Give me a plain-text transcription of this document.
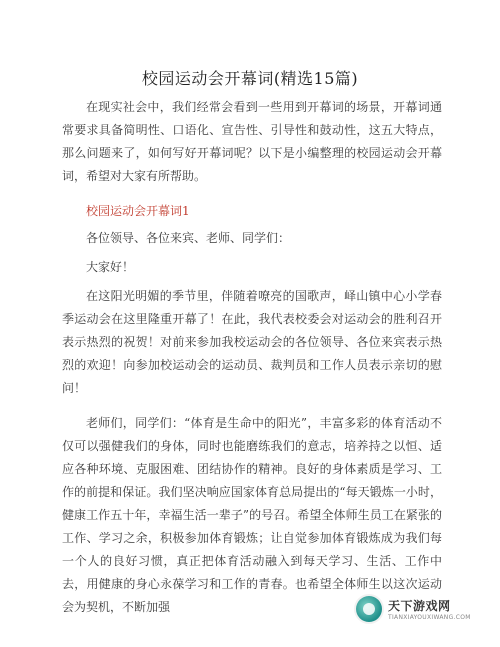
校园运动会开幕词(精选15篇)

在现实社会中，我们经常会看到一些用到开幕词的场景，开幕词通常要求具备简明性、口语化、宣告性、引导性和鼓动性，这五大特点，那么问题来了，如何写好开幕词呢？以下是小编整理的校园运动会开幕词，希望对大家有所帮助。

校园运动会开幕词1

各位领导、各位来宾、老师、同学们：

大家好！

在这阳光明媚的季节里，伴随着嘹亮的国歌声，峄山镇中心小学春季运动会在这里隆重开幕了！在此，我代表校委会对运动会的胜利召开表示热烈的祝贺！对前来参加我校运动会的各位领导、各位来宾表示热烈的欢迎！向参加校运动会的运动员、裁判员和工作人员表示亲切的慰问！

老师们，同学们：“体育是生命中的阳光”，丰富多彩的体育活动不仅可以强健我们的身体，同时也能磨练我们的意志，培养持之以恒、适应各种环境、克服困难、团结协作的精神。良好的身体素质是学习、工作的前提和保证。我们坚决响应国家体育总局提出的“每天锻炼一小时，健康工作五十年，幸福生活一辈子”的号召。希望全体师生员工在紧张的工作、学习之余，积极参加体育锻炼；让自觉参加体育锻炼成为我们每一个人的良好习惯，真正把体育活动融入到每天学习、生活、工作中去，用健康的身心永葆学习和工作的青春。也希望全体师生以这次运动会为契机，不断加强	天下游戏网
TIANXIAYOUXIWANG.COM
